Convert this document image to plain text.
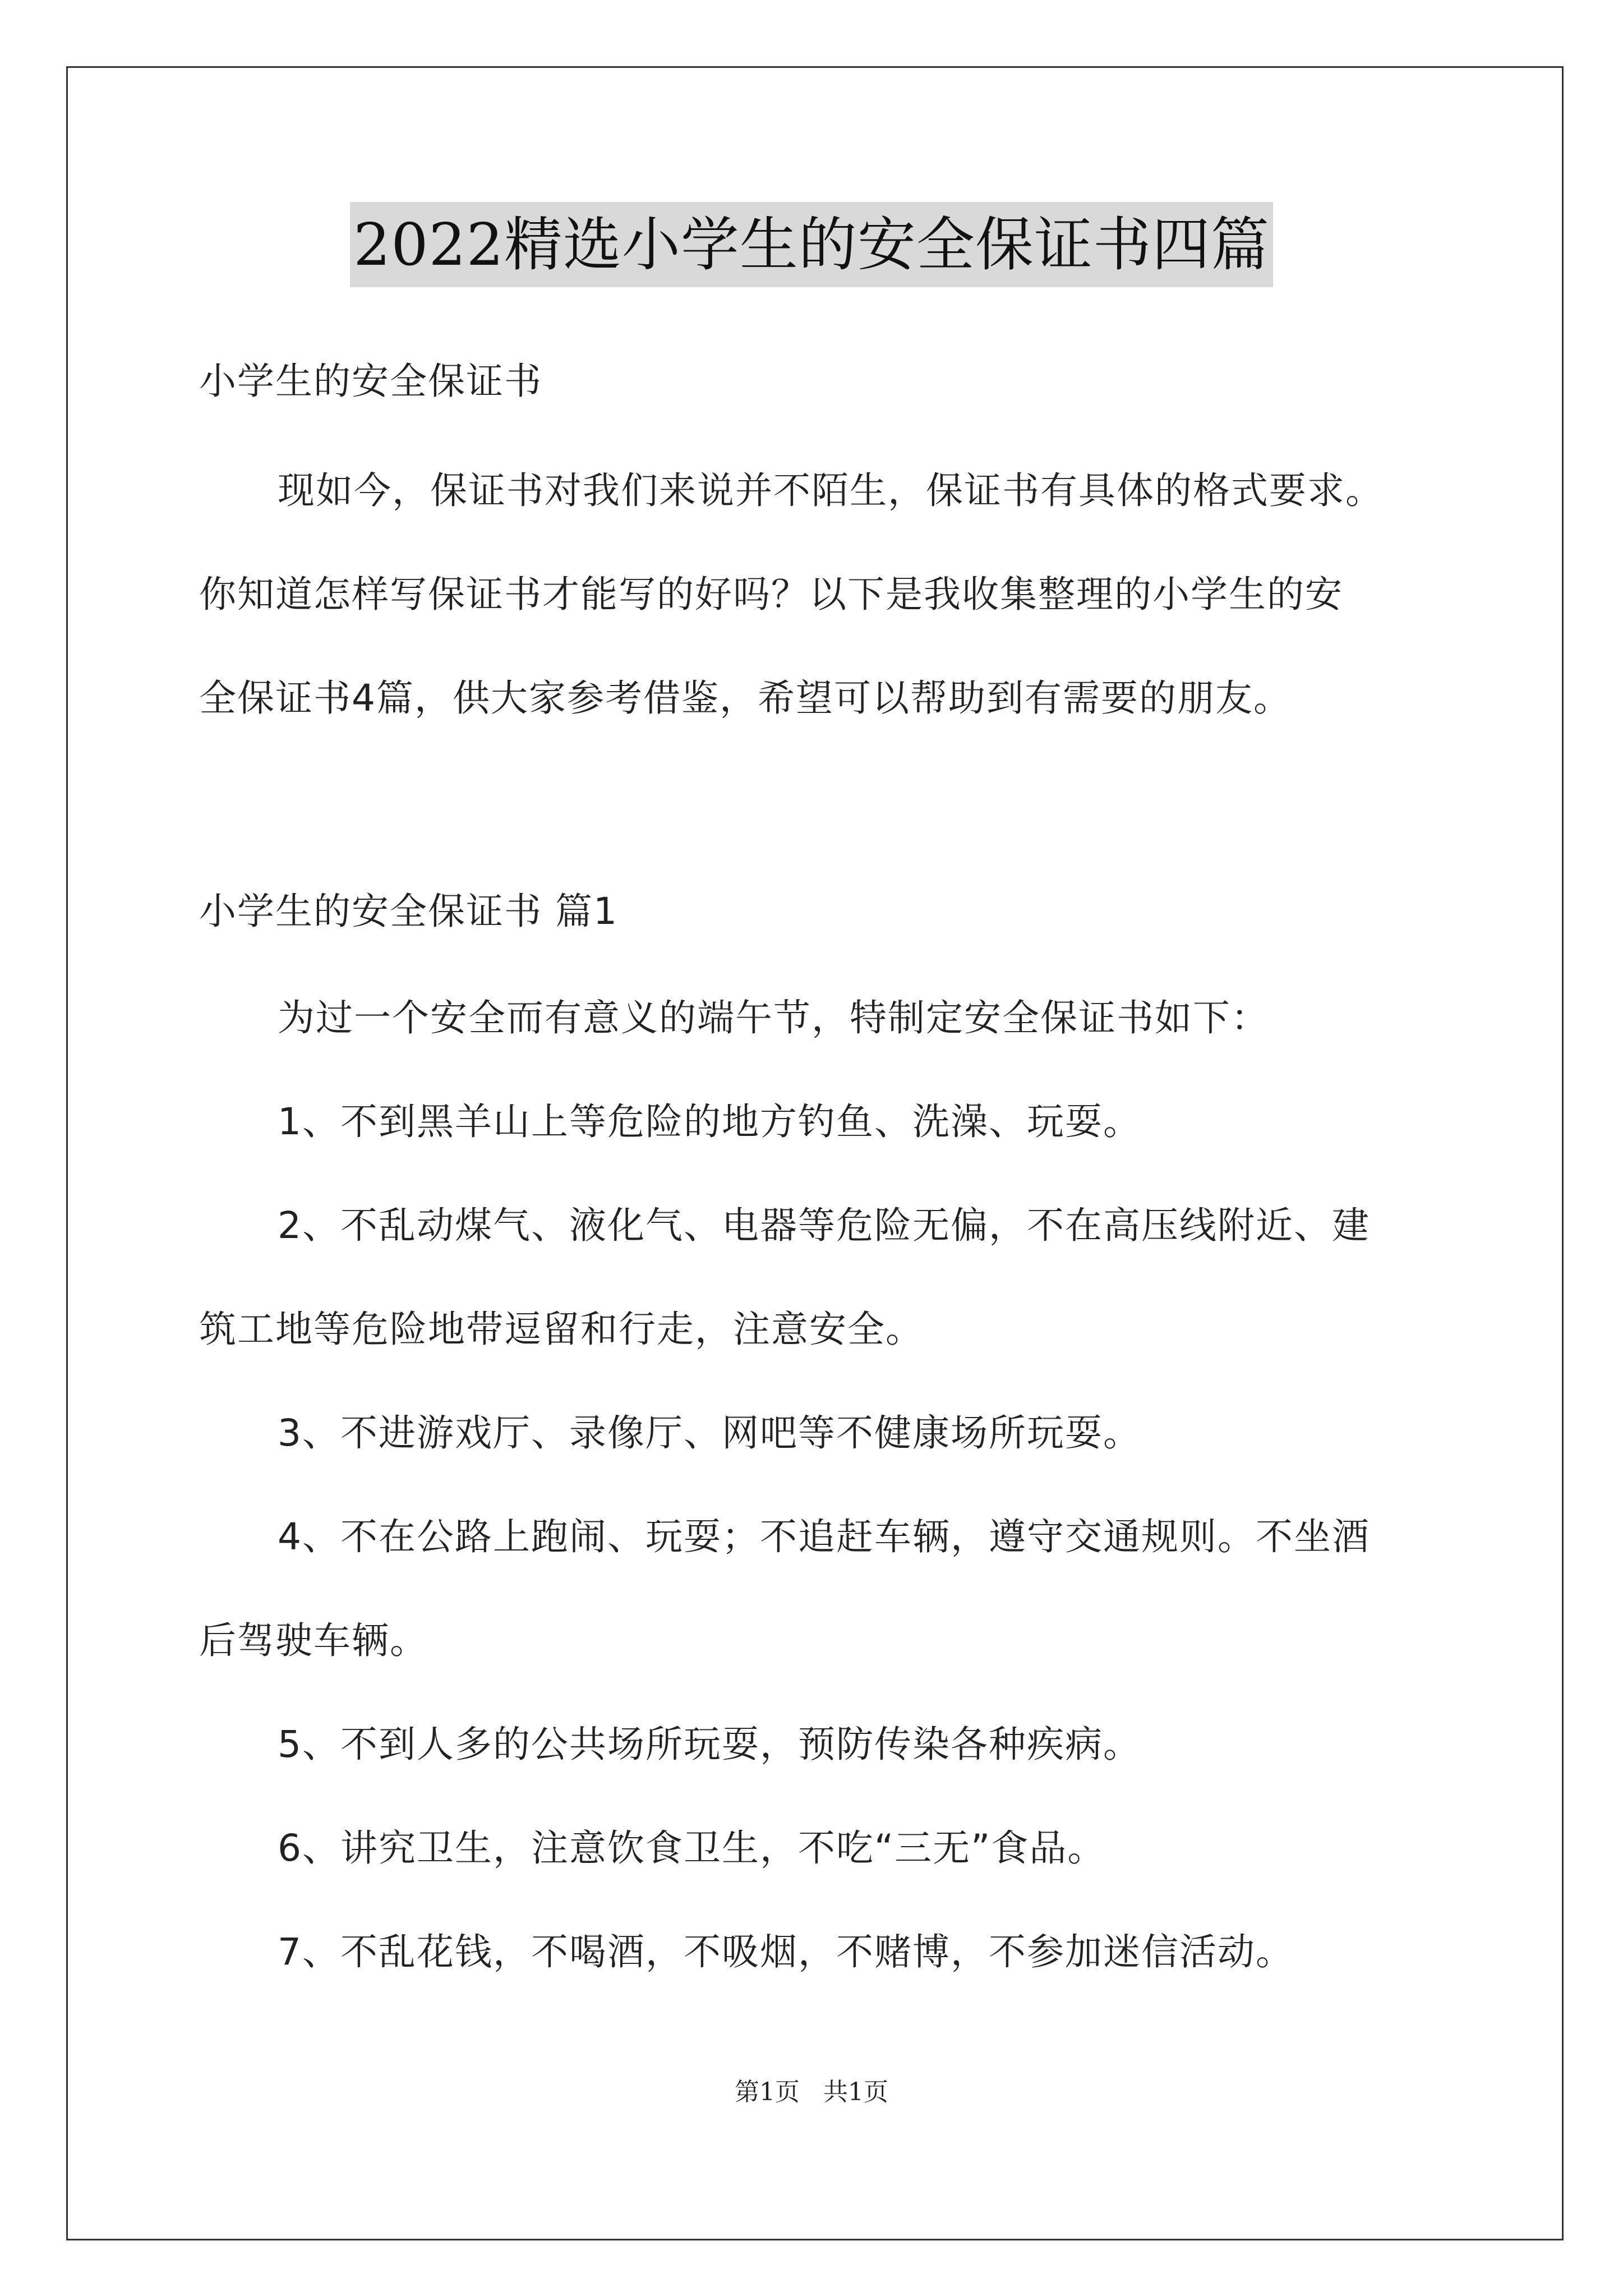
2022精选小学生的安全保证书四篇
小学生的安全保证书
现如今，保证书对我们来说并不陌生，保证书有具体的格式要求。
你知道怎样写保证书才能写的好吗？以下是我收集整理的小学生的安
全保证书4篇，供大家参考借鉴，希望可以帮助到有需要的朋友。
小学生的安全保证书 篇1
为过一个安全而有意义的端午节，特制定安全保证书如下：
1、不到黑羊山上等危险的地方钓鱼、洗澡、玩耍。
2、不乱动煤气、液化气、电器等危险无偏，不在高压线附近、建
筑工地等危险地带逗留和行走，注意安全。
3、不进游戏厅、录像厅、网吧等不健康场所玩耍。
4、不在公路上跑闹、玩耍；不追赶车辆，遵守交通规则。不坐酒
后驾驶车辆。
5、不到人多的公共场所玩耍，预防传染各种疾病。
6、讲究卫生，注意饮食卫生，不吃“三无”食品。
7、不乱花钱，不喝酒，不吸烟，不赌博，不参加迷信活动。
第1页 共1页
